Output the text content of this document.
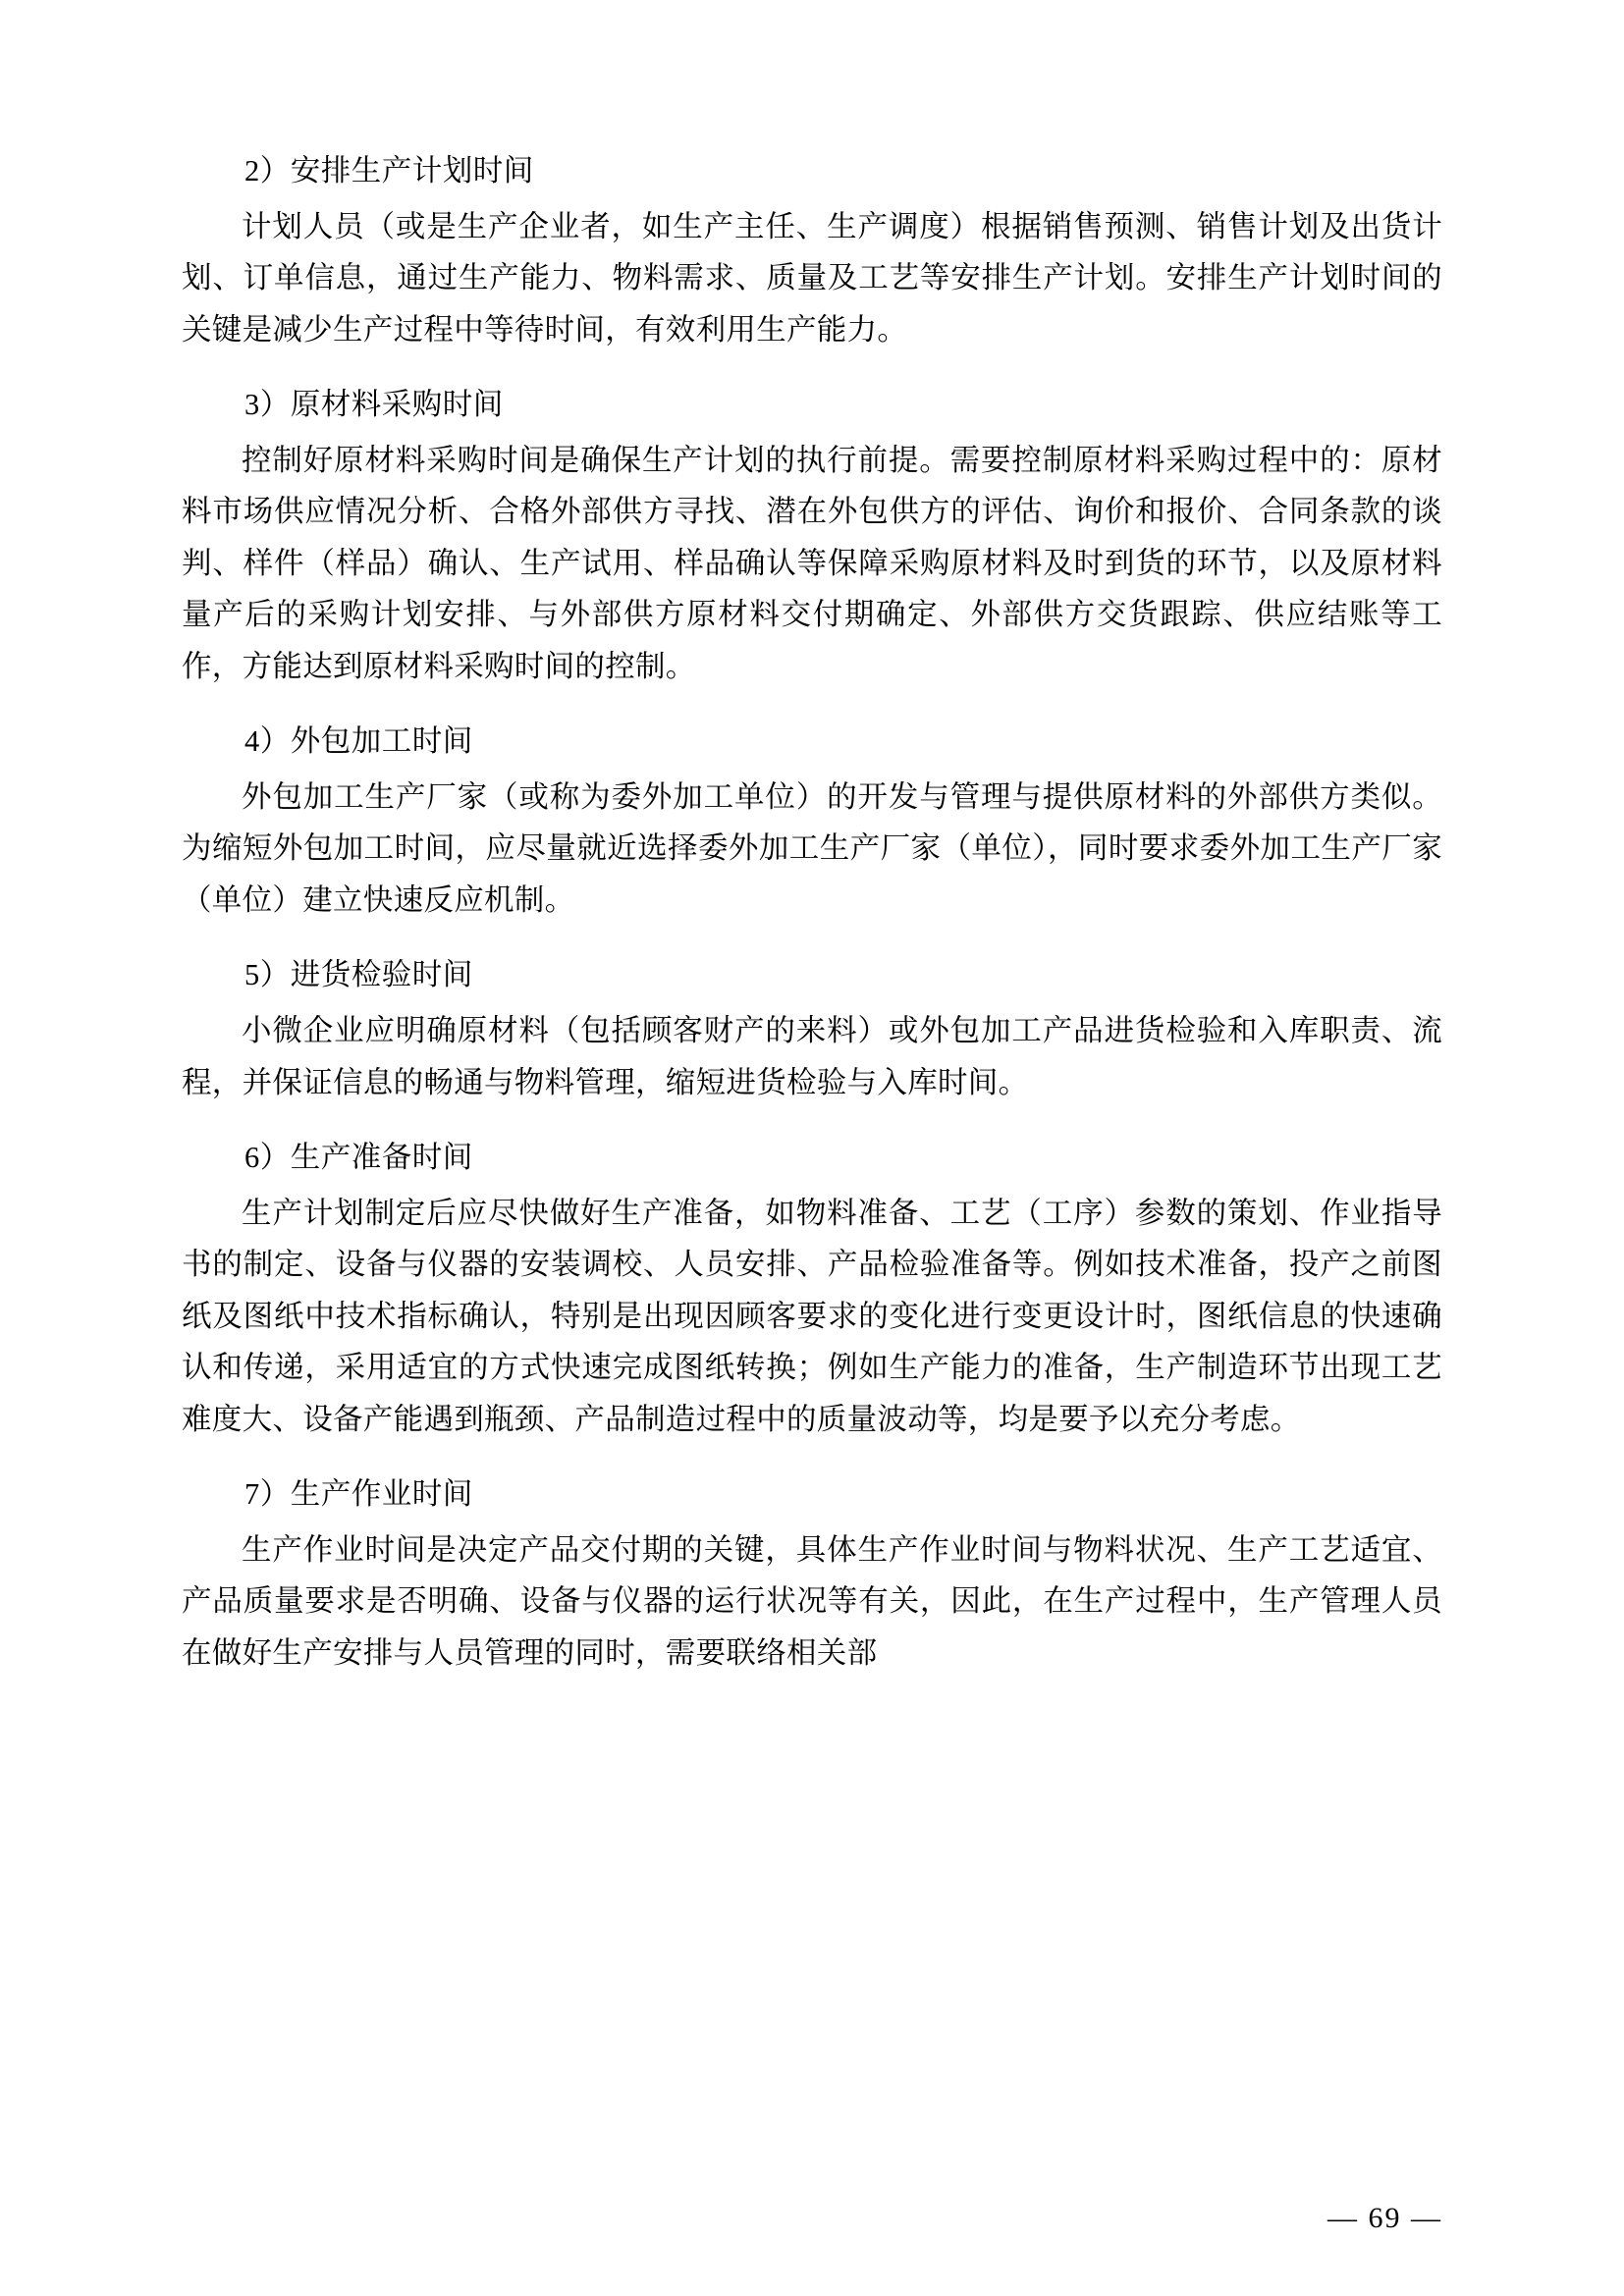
2）安排生产计划时间

计划人员（或是生产企业者，如生产主任、生产调度）根据销售预测、销售计划及出货计划、订单信息，通过生产能力、物料需求、质量及工艺等安排生产计划。安排生产计划时间的关键是减少生产过程中等待时间，有效利用生产能力。

3）原材料采购时间

控制好原材料采购时间是确保生产计划的执行前提。需要控制原材料采购过程中的：原材料市场供应情况分析、合格外部供方寻找、潜在外包供方的评估、询价和报价、合同条款的谈判、样件（样品）确认、生产试用、样品确认等保障采购原材料及时到货的环节，以及原材料量产后的采购计划安排、与外部供方原材料交付期确定、外部供方交货跟踪、供应结账等工作，方能达到原材料采购时间的控制。

4）外包加工时间

外包加工生产厂家（或称为委外加工单位）的开发与管理与提供原材料的外部供方类似。为缩短外包加工时间，应尽量就近选择委外加工生产厂家（单位），同时要求委外加工生产厂家（单位）建立快速反应机制。

5）进货检验时间

小微企业应明确原材料（包括顾客财产的来料）或外包加工产品进货检验和入库职责、流程，并保证信息的畅通与物料管理，缩短进货检验与入库时间。

6）生产准备时间

生产计划制定后应尽快做好生产准备，如物料准备、工艺（工序）参数的策划、作业指导书的制定、设备与仪器的安装调校、人员安排、产品检验准备等。例如技术准备，投产之前图纸及图纸中技术指标确认，特别是出现因顾客要求的变化进行变更设计时，图纸信息的快速确认和传递，采用适宜的方式快速完成图纸转换；例如生产能力的准备，生产制造环节出现工艺难度大、设备产能遇到瓶颈、产品制造过程中的质量波动等，均是要予以充分考虑。

7）生产作业时间

生产作业时间是决定产品交付期的关键，具体生产作业时间与物料状况、生产工艺适宜、产品质量要求是否明确、设备与仪器的运行状况等有关，因此，在生产过程中，生产管理人员在做好生产安排与人员管理的同时，需要联络相关部

— 69 —
